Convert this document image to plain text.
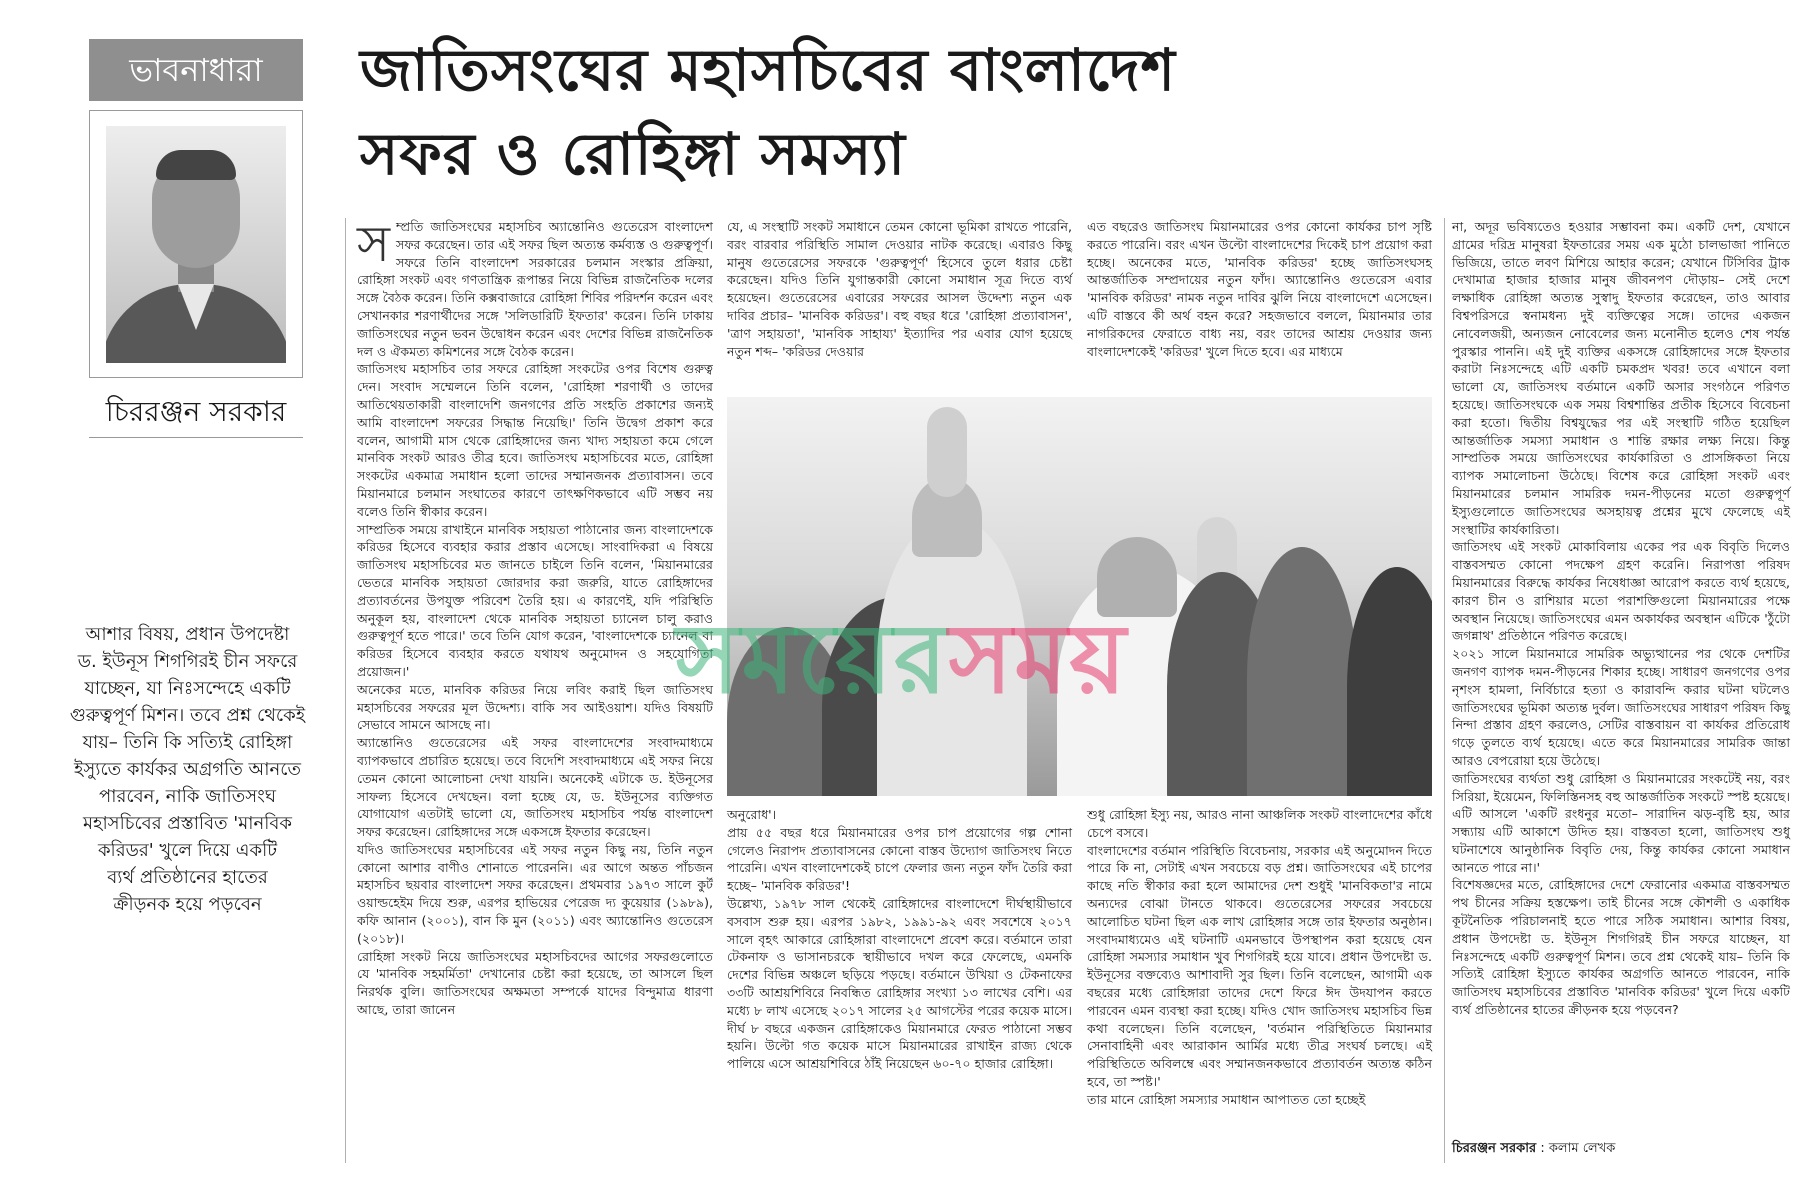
ভাবনাধারা
চিররঞ্জন সরকার
জাতিসংঘের মহাসচিবের বাংলাদেশ
সফর ও রোহিঙ্গা সমস্যা

আশার বিষয়, প্রধান উপদেষ্টা

ড. ইউনূস শিগগিরই চীন সফরে

যাচ্ছেন, যা নিঃসন্দেহে একটি

গুরুত্বপূর্ণ মিশন। তবে প্রশ্ন থেকেই

যায়– তিনি কি সত্যিই রোহিঙ্গা

ইস্যুতে কার্যকর অগ্রগতি আনতে

পারবেন, নাকি জাতিসংঘ

মহাসচিবের প্রস্তাবিত 'মানবিক

করিডর' খুলে দিয়ে একটি

ব্যর্থ প্রতিষ্ঠানের হাতের

ক্রীড়নক হয়ে পড়বেন

স ম্প্রতি জাতিসংঘের মহাসচিব অ্যান্তোনিও গুতেরেস বাংলাদেশ সফর করেছেন। তার এই সফর ছিল অত্যন্ত কর্মব্যস্ত ও গুরুত্বপূর্ণ। সফরে তিনি বাংলাদেশ সরকারের চলমান সংস্কার প্রক্রিয়া, রোহিঙ্গা সংকট এবং গণতান্ত্রিক রূপান্তর নিয়ে বিভিন্ন রাজনৈতিক দলের সঙ্গে বৈঠক করেন। তিনি কক্সবাজারে রোহিঙ্গা শিবির পরিদর্শন করেন এবং সেখানকার শরণার্থীদের সঙ্গে 'সলিডারিটি ইফতার' করেন। তিনি ঢাকায় জাতিসংঘের নতুন ভবন উদ্বোধন করেন এবং দেশের বিভিন্ন রাজনৈতিক দল ও ঐকমত্য কমিশনের সঙ্গে বৈঠক করেন।

জাতিসংঘ মহাসচিব তার সফরে রোহিঙ্গা সংকটের ওপর বিশেষ গুরুত্ব দেন। সংবাদ সম্মেলনে তিনি বলেন, 'রোহিঙ্গা শরণার্থী ও তাদের আতিথেয়তাকারী বাংলাদেশি জনগণের প্রতি সংহতি প্রকাশের জন্যই আমি বাংলাদেশ সফরের সিদ্ধান্ত নিয়েছি।' তিনি উদ্বেগ প্রকাশ করে বলেন, আগামী মাস থেকে রোহিঙ্গাদের জন্য খাদ্য সহায়তা কমে গেলে মানবিক সংকট আরও তীব্র হবে। জাতিসংঘ মহাসচিবের মতে, রোহিঙ্গা সংকটের একমাত্র সমাধান হলো তাদের সম্মানজনক প্রত্যাবাসন। তবে মিয়ানমারে চলমান সংঘাতের কারণে তাৎক্ষণিকভাবে এটি সম্ভব নয় বলেও তিনি স্বীকার করেন।

সাম্প্রতিক সময়ে রাখাইনে মানবিক সহায়তা পাঠানোর জন্য বাংলাদেশকে করিডর হিসেবে ব্যবহার করার প্রস্তাব এসেছে। সাংবাদিকরা এ বিষয়ে জাতিসংঘ মহাসচিবের মত জানতে চাইলে তিনি বলেন, 'মিয়ানমারের ভেতরে মানবিক সহায়তা জোরদার করা জরুরি, যাতে রোহিঙ্গাদের প্রত্যাবর্তনের উপযুক্ত পরিবেশ তৈরি হয়। এ কারণেই, যদি পরিস্থিতি অনুকূল হয়, বাংলাদেশ থেকে মানবিক সহায়তা চ্যানেল চালু করাও গুরুত্বপূর্ণ হতে পারে।' তবে তিনি যোগ করেন, 'বাংলাদেশকে চ্যানেল বা করিডর হিসেবে ব্যবহার করতে যথাযথ অনুমোদন ও সহযোগিতা প্রয়োজন।'

অনেকের মতে, মানবিক করিডর নিয়ে লবিং করাই ছিল জাতিসংঘ মহাসচিবের সফরের মূল উদ্দেশ্য। বাকি সব আইওয়াশ। যদিও বিষয়টি সেভাবে সামনে আসছে না।

অ্যান্তোনিও গুতেরেসের এই সফর বাংলাদেশের সংবাদমাধ্যমে ব্যাপকভাবে প্রচারিত হয়েছে। তবে বিদেশি সংবাদমাধ্যমে এই সফর নিয়ে তেমন কোনো আলোচনা দেখা যায়নি। অনেকেই এটাকে ড. ইউনূসের সাফল্য হিসেবে দেখছেন। বলা হচ্ছে যে, ড. ইউনূসের ব্যক্তিগত যোগাযোগ এতটাই ভালো যে, জাতিসংঘ মহাসচিব পর্যন্ত বাংলাদেশ সফর করেছেন। রোহিঙ্গাদের সঙ্গে একসঙ্গে ইফতার করেছেন।

যদিও জাতিসংঘের মহাসচিবের এই সফর নতুন কিছু নয়, তিনি নতুন কোনো আশার বাণীও শোনাতে পারেননি। এর আগে অন্তত পাঁচজন মহাসচিব ছয়বার বাংলাদেশ সফর করেছেন। প্রথমবার ১৯৭৩ সালে কুর্ট ওয়াল্ডহেইম দিয়ে শুরু, এরপর হাভিয়ের পেরেজ দ্য কুয়েয়ার (১৯৮৯), কফি আনান (২০০১), বান কি মুন (২০১১) এবং অ্যান্তোনিও গুতেরেস (২০১৮)।

রোহিঙ্গা সংকট নিয়ে জাতিসংঘের মহাসচিবদের আগের সফরগুলোতে যে 'মানবিক সহমর্মিতা' দেখানোর চেষ্টা করা হয়েছে, তা আসলে ছিল নিরর্থক বুলি। জাতিসংঘের অক্ষমতা সম্পর্কে যাদের বিন্দুমাত্র ধারণা আছে, তারা জানেন

যে, এ সংস্থাটি সংকট সমাধানে তেমন কোনো ভূমিকা রাখতে পারেনি, বরং বারবার পরিস্থিতি সামাল দেওয়ার নাটক করেছে। এবারও কিছু মানুষ গুতেরেসের সফরকে 'গুরুত্বপূর্ণ' হিসেবে তুলে ধরার চেষ্টা করেছেন। যদিও তিনি যুগান্তকারী কোনো সমাধান সূত্র দিতে ব্যর্থ হয়েছেন। গুতেরেসের এবারের সফরের আসল উদ্দেশ্য নতুন এক দাবির প্রচার– 'মানবিক করিডর'। বহু বছর ধরে 'রোহিঙ্গা প্রত্যাবাসন', 'ত্রাণ সহায়তা', 'মানবিক সাহায্য' ইত্যাদির পর এবার যোগ হয়েছে নতুন শব্দ– 'করিডর দেওয়ার

এত বছরেও জাতিসংঘ মিয়ানমারের ওপর কোনো কার্যকর চাপ সৃষ্টি করতে পারেনি। বরং এখন উল্টো বাংলাদেশের দিকেই চাপ প্রয়োগ করা হচ্ছে। অনেকের মতে, 'মানবিক করিডর' হচ্ছে জাতিসংঘসহ আন্তর্জাতিক সম্প্রদায়ের নতুন ফাঁদ। অ্যান্তোনিও গুতেরেস এবার 'মানবিক করিডর' নামক নতুন দাবির ঝুলি নিয়ে বাংলাদেশে এসেছেন। এটি বাস্তবে কী অর্থ বহন করে? সহজভাবে বললে, মিয়ানমার তার নাগরিকদের ফেরাতে বাধ্য নয়, বরং তাদের আশ্রয় দেওয়ার জন্য বাংলাদেশকেই 'করিডর' খুলে দিতে হবে। এর মাধ্যমে

অনুরোধ'।

প্রায় ৫৫ বছর ধরে মিয়ানমারের ওপর চাপ প্রয়োগের গল্প শোনা গেলেও নিরাপদ প্রত্যাবাসনের কোনো বাস্তব উদ্যোগ জাতিসংঘ নিতে পারেনি। এখন বাংলাদেশকেই চাপে ফেলার জন্য নতুন ফাঁদ তৈরি করা হচ্ছে– 'মানবিক করিডর'!

উল্লেখ্য, ১৯৭৮ সাল থেকেই রোহিঙ্গাদের বাংলাদেশে দীর্ঘস্থায়ীভাবে বসবাস শুরু হয়। এরপর ১৯৮২, ১৯৯১-৯২ এবং সবশেষে ২০১৭ সালে বৃহৎ আকারে রোহিঙ্গারা বাংলাদেশে প্রবেশ করে। বর্তমানে তারা টেকনাফ ও ভাসানচরকে স্থায়ীভাবে দখল করে ফেলেছে, এমনকি দেশের বিভিন্ন অঞ্চলে ছড়িয়ে পড়ছে। বর্তমানে উখিয়া ও টেকনাফের ৩৩টি আশ্রয়শিবিরে নিবন্ধিত রোহিঙ্গার সংখ্যা ১৩ লাখের বেশি। এর মধ্যে ৮ লাখ এসেছে ২০১৭ সালের ২৫ আগস্টের পরের কয়েক মাসে। দীর্ঘ ৮ বছরে একজন রোহিঙ্গাকেও মিয়ানমারে ফেরত পাঠানো সম্ভব হয়নি। উল্টো গত কয়েক মাসে মিয়ানমারের রাখাইন রাজ্য থেকে পালিয়ে এসে আশ্রয়শিবিরে ঠাঁই নিয়েছেন ৬০-৭০ হাজার রোহিঙ্গা।

শুধু রোহিঙ্গা ইস্যু নয়, আরও নানা আঞ্চলিক সংকট বাংলাদেশের কাঁধে চেপে বসবে।

বাংলাদেশের বর্তমান পরিস্থিতি বিবেচনায়, সরকার এই অনুমোদন দিতে পারে কি না, সেটাই এখন সবচেয়ে বড় প্রশ্ন। জাতিসংঘের এই চাপের কাছে নতি স্বীকার করা হলে আমাদের দেশ শুধুই 'মানবিকতা'র নামে অন্যদের বোঝা টানতে থাকবে। গুতেরেসের সফরের সবচেয়ে আলোচিত ঘটনা ছিল এক লাখ রোহিঙ্গার সঙ্গে তার ইফতার অনুষ্ঠান। সংবাদমাধ্যমেও এই ঘটনাটি এমনভাবে উপস্থাপন করা হয়েছে যেন রোহিঙ্গা সমস্যার সমাধান খুব শিগগিরই হয়ে যাবে। প্রধান উপদেষ্টা ড. ইউনূসের বক্তব্যেও আশাবাদী সুর ছিল। তিনি বলেছেন, আগামী এক বছরের মধ্যে রোহিঙ্গারা তাদের দেশে ফিরে ঈদ উদযাপন করতে পারবেন এমন ব্যবস্থা করা হচ্ছে। যদিও খোদ জাতিসংঘ মহাসচিব ভিন্ন কথা বলেছেন। তিনি বলেছেন, 'বর্তমান পরিস্থিতিতে মিয়ানমার সেনাবাহিনী এবং আরাকান আর্মির মধ্যে তীব্র সংঘর্ষ চলছে। এই পরিস্থিতিতে অবিলম্বে এবং সম্মানজনকভাবে প্রত্যাবর্তন অত্যন্ত কঠিন হবে, তা স্পষ্ট।'

তার মানে রোহিঙ্গা সমস্যার সমাধান আপাতত তো হচ্ছেই

না, অদূর ভবিষ্যতেও হওয়ার সম্ভাবনা কম। একটি দেশ, যেখানে গ্রামের দরিদ্র মানুষরা ইফতারের সময় এক মুঠো চালভাজা পানিতে ভিজিয়ে, তাতে লবণ মিশিয়ে আহার করেন; যেখানে টিসিবির ট্রাক দেখামাত্র হাজার হাজার মানুষ জীবনপণ দৌড়ায়– সেই দেশে লক্ষাধিক রোহিঙ্গা অত্যন্ত সুস্বাদু ইফতার করেছেন, তাও আবার বিশ্বপরিসরে স্বনামধন্য দুই ব্যক্তিত্বের সঙ্গে। তাদের একজন নোবেলজয়ী, অন্যজন নোবেলের জন্য মনোনীত হলেও শেষ পর্যন্ত পুরস্কার পাননি। এই দুই ব্যক্তির একসঙ্গে রোহিঙ্গাদের সঙ্গে ইফতার করাটা নিঃসন্দেহে এটি একটি চমকপ্রদ খবর! তবে এখানে বলা ভালো যে, জাতিসংঘ বর্তমানে একটি অসার সংগঠনে পরিণত হয়েছে। জাতিসংঘকে এক সময় বিশ্বশান্তির প্রতীক হিসেবে বিবেচনা করা হতো। দ্বিতীয় বিশ্বযুদ্ধের পর এই সংস্থাটি গঠিত হয়েছিল আন্তর্জাতিক সমস্যা সমাধান ও শান্তি রক্ষার লক্ষ্য নিয়ে। কিন্তু সাম্প্রতিক সময়ে জাতিসংঘের কার্যকারিতা ও প্রাসঙ্গিকতা নিয়ে ব্যাপক সমালোচনা উঠেছে। বিশেষ করে রোহিঙ্গা সংকট এবং মিয়ানমারের চলমান সামরিক দমন-পীড়নের মতো গুরুত্বপূর্ণ ইস্যুগুলোতে জাতিসংঘের অসহায়ত্ব প্রশ্নের মুখে ফেলেছে এই সংস্থাটির কার্যকারিতা।

জাতিসংঘ এই সংকট মোকাবিলায় একের পর এক বিবৃতি দিলেও বাস্তবসম্মত কোনো পদক্ষেপ গ্রহণ করেনি। নিরাপত্তা পরিষদ মিয়ানমারের বিরুদ্ধে কার্যকর নিষেধাজ্ঞা আরোপ করতে ব্যর্থ হয়েছে, কারণ চীন ও রাশিয়ার মতো পরাশক্তিগুলো মিয়ানমারের পক্ষে অবস্থান নিয়েছে। জাতিসংঘের এমন অকার্যকর অবস্থান এটিকে 'ঠুঁটো জগন্নাথ' প্রতিষ্ঠানে পরিণত করেছে।

২০২১ সালে মিয়ানমারে সামরিক অভ্যুত্থানের পর থেকে দেশটির জনগণ ব্যাপক দমন-পীড়নের শিকার হচ্ছে। সাধারণ জনগণের ওপর নৃশংস হামলা, নির্বিচারে হত্যা ও কারাবন্দি করার ঘটনা ঘটলেও জাতিসংঘের ভূমিকা অত্যন্ত দুর্বল। জাতিসংঘের সাধারণ পরিষদ কিছু নিন্দা প্রস্তাব গ্রহণ করলেও, সেটির বাস্তবায়ন বা কার্যকর প্রতিরোধ গড়ে তুলতে ব্যর্থ হয়েছে। এতে করে মিয়ানমারের সামরিক জান্তা আরও বেপরোয়া হয়ে উঠেছে।

জাতিসংঘের ব্যর্থতা শুধু রোহিঙ্গা ও মিয়ানমারের সংকটেই নয়, বরং সিরিয়া, ইয়েমেন, ফিলিস্তিনসহ বহু আন্তর্জাতিক সংকটে স্পষ্ট হয়েছে। এটি আসলে 'একটি রংধনুর মতো– সারাদিন ঝড়-বৃষ্টি হয়, আর সন্ধ্যায় এটি আকাশে উদিত হয়। বাস্তবতা হলো, জাতিসংঘ শুধু ঘটনাশেষে আনুষ্ঠানিক বিবৃতি দেয়, কিন্তু কার্যকর কোনো সমাধান আনতে পারে না।'

বিশেষজ্ঞদের মতে, রোহিঙ্গাদের দেশে ফেরানোর একমাত্র বাস্তবসম্মত পথ চীনের সক্রিয় হস্তক্ষেপ। তাই চীনের সঙ্গে কৌশলী ও একাধিক কূটনৈতিক পরিচালনাই হতে পারে সঠিক সমাধান। আশার বিষয়, প্রধান উপদেষ্টা ড. ইউনূস শিগগিরই চীন সফরে যাচ্ছেন, যা নিঃসন্দেহে একটি গুরুত্বপূর্ণ মিশন। তবে প্রশ্ন থেকেই যায়– তিনি কি সত্যিই রোহিঙ্গা ইস্যুতে কার্যকর অগ্রগতি আনতে পারবেন, নাকি জাতিসংঘ মহাসচিবের প্রস্তাবিত 'মানবিক করিডর' খুলে দিয়ে একটি ব্যর্থ প্রতিষ্ঠানের হাতের ক্রীড়নক হয়ে পড়বেন?

সময়েরসময়
চিররঞ্জন সরকার : কলাম লেখক
